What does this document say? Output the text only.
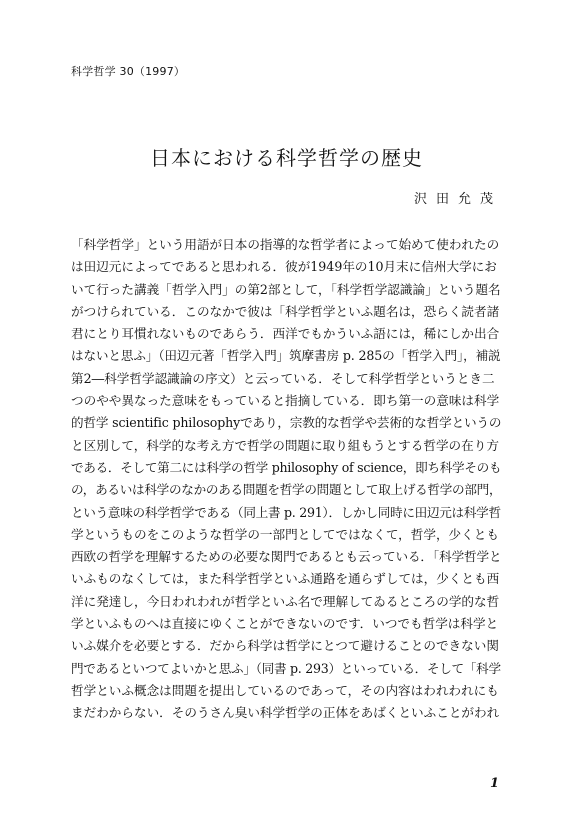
科学哲学 30（1997）
日本における科学哲学の歴史
沢田允茂
「科学哲学」という用語が日本の指導的な哲学者によって始めて使われたの
は田辺元によってであると思われる．彼が1949年の10月末に信州大学にお
いて行った講義「哲学入門」の第2部として，「科学哲学認識論」という題名
がつけられている．このなかで彼は「科学哲学といふ題名は，恐らく読者諸
君にとり耳慣れないものであらう．西洋でもかういふ語には，稀にしか出合
はないと思ふ」（田辺元著「哲学入門」筑摩書房 p. 285の「哲学入門」，補説
第2―科学哲学認識論の序文）と云っている．そして科学哲学というとき二
つのやや異なった意味をもっていると指摘している．即ち第一の意味は科学
的哲学 scientific philosophyであり，宗教的な哲学や芸術的な哲学というの
と区別して，科学的な考え方で哲学の問題に取り組もうとする哲学の在り方
である．そして第二には科学の哲学 philosophy of science，即ち科学そのも
の，あるいは科学のなかのある問題を哲学の問題として取上げる哲学の部門，
という意味の科学哲学である（同上書 p. 291）．しかし同時に田辺元は科学哲
学というものをこのような哲学の一部門としてではなくて，哲学，少くとも
西欧の哲学を理解するための必要な関門であるとも云っている．「科学哲学と
いふものなくしては，また科学哲学といふ通路を通らずしては，少くとも西
洋に発達し，今日われわれが哲学といふ名で理解してゐるところの学的な哲
学といふものへは直接にゆくことができないのです．いつでも哲学は科学と
いふ媒介を必要とする．だから科学は哲学にとつて避けることのできない関
門であるといつてよいかと思ふ」（同書 p. 293）といっている．そして「科学
哲学といふ概念は問題を提出しているのであって，その内容はわれわれにも
まだわからない．そのうさん臭い科学哲学の正体をあばくといふことがわれ
1
